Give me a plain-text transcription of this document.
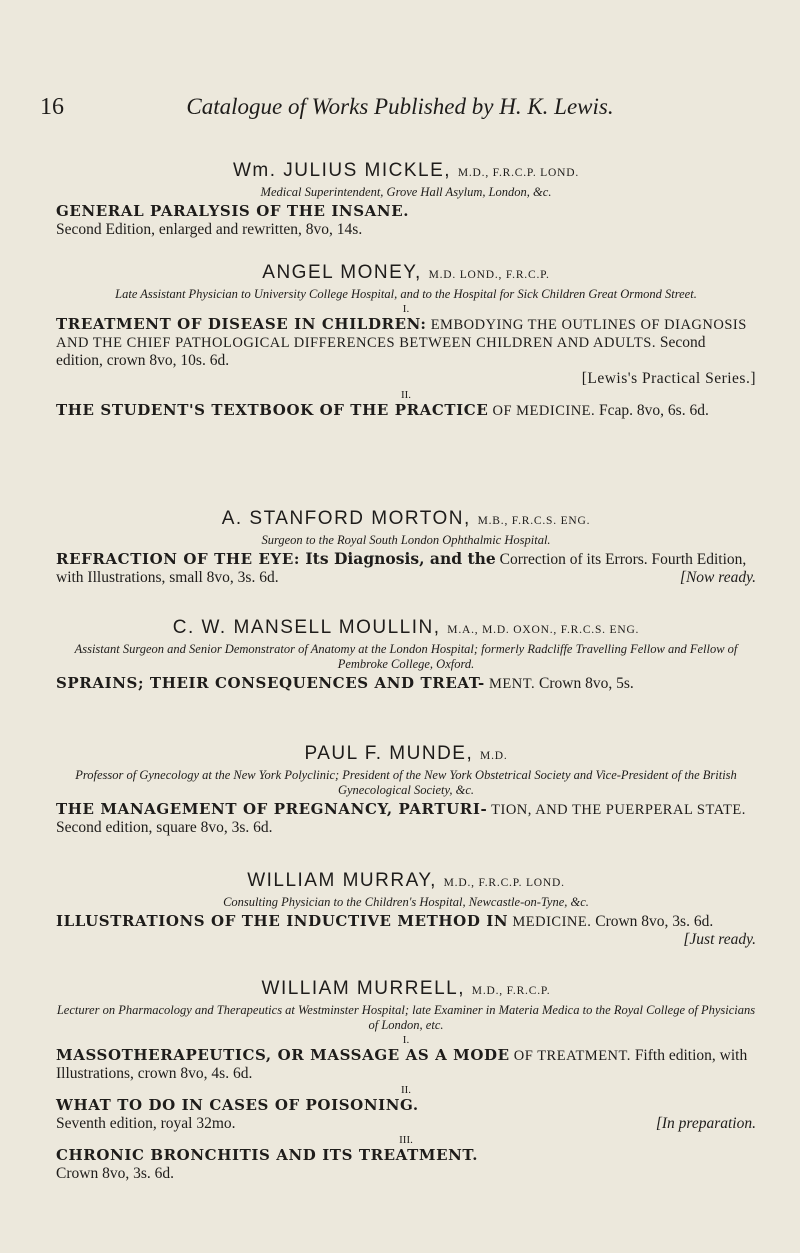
16	Catalogue of Works Published by H. K. Lewis.

Wm. JULIUS MICKLE, M.D., F.R.C.P. LOND.

Medical Superintendent, Grove Hall Asylum, London, &c.

GENERAL PARALYSIS OF THE INSANE.
Second Edition, enlarged and rewritten, 8vo, 14s.

ANGEL MONEY, M.D. LOND., F.R.C.P.

Late Assistant Physician to University College Hospital, and to the Hospital for Sick Children Great Ormond Street.

I.

TREATMENT OF DISEASE IN CHILDREN: EMBODYING THE OUTLINES OF DIAGNOSIS AND THE CHIEF PATHOLOGICAL DIFFERENCES BETWEEN CHILDREN AND ADULTS. Second edition, crown 8vo, 10s. 6d.

[Lewis's Practical Series.]

II.

THE STUDENT'S TEXTBOOK OF THE PRACTICE OF MEDICINE. Fcap. 8vo, 6s. 6d.

A. STANFORD MORTON, M.B., F.R.C.S. ENG.

Surgeon to the Royal South London Ophthalmic Hospital.

REFRACTION OF THE EYE: Its Diagnosis, and the Correction of its Errors. Fourth Edition, with Illustrations, small 8vo, 3s. 6d.	[Now ready.

C. W. MANSELL MOULLIN, M.A., M.D. OXON., F.R.C.S. ENG.

Assistant Surgeon and Senior Demonstrator of Anatomy at the London Hospital; formerly Radcliffe Travelling Fellow and Fellow of Pembroke College, Oxford.

SPRAINS; THEIR CONSEQUENCES AND TREAT- MENT. Crown 8vo, 5s.

PAUL F. MUNDE, M.D.

Professor of Gynecology at the New York Polyclinic; President of the New York Obstetrical Society and Vice-President of the British Gynecological Society, &c.

THE MANAGEMENT OF PREGNANCY, PARTURI- TION, AND THE PUERPERAL STATE. Second edition, square 8vo, 3s. 6d.

WILLIAM MURRAY, M.D., F.R.C.P. LOND.

Consulting Physician to the Children's Hospital, Newcastle-on-Tyne, &c.

ILLUSTRATIONS OF THE INDUCTIVE METHOD IN MEDICINE. Crown 8vo, 3s. 6d.
[Just ready.

WILLIAM MURRELL, M.D., F.R.C.P.

Lecturer on Pharmacology and Therapeutics at Westminster Hospital; late Examiner in Materia Medica to the Royal College of Physicians of London, etc.

I.

MASSOTHERAPEUTICS, OR MASSAGE AS A MODE OF TREATMENT. Fifth edition, with Illustrations, crown 8vo, 4s. 6d.

II.

WHAT TO DO IN CASES OF POISONING.
Seventh edition, royal 32mo.	[In preparation.

III.

CHRONIC BRONCHITIS AND ITS TREATMENT.
Crown 8vo, 3s. 6d.
